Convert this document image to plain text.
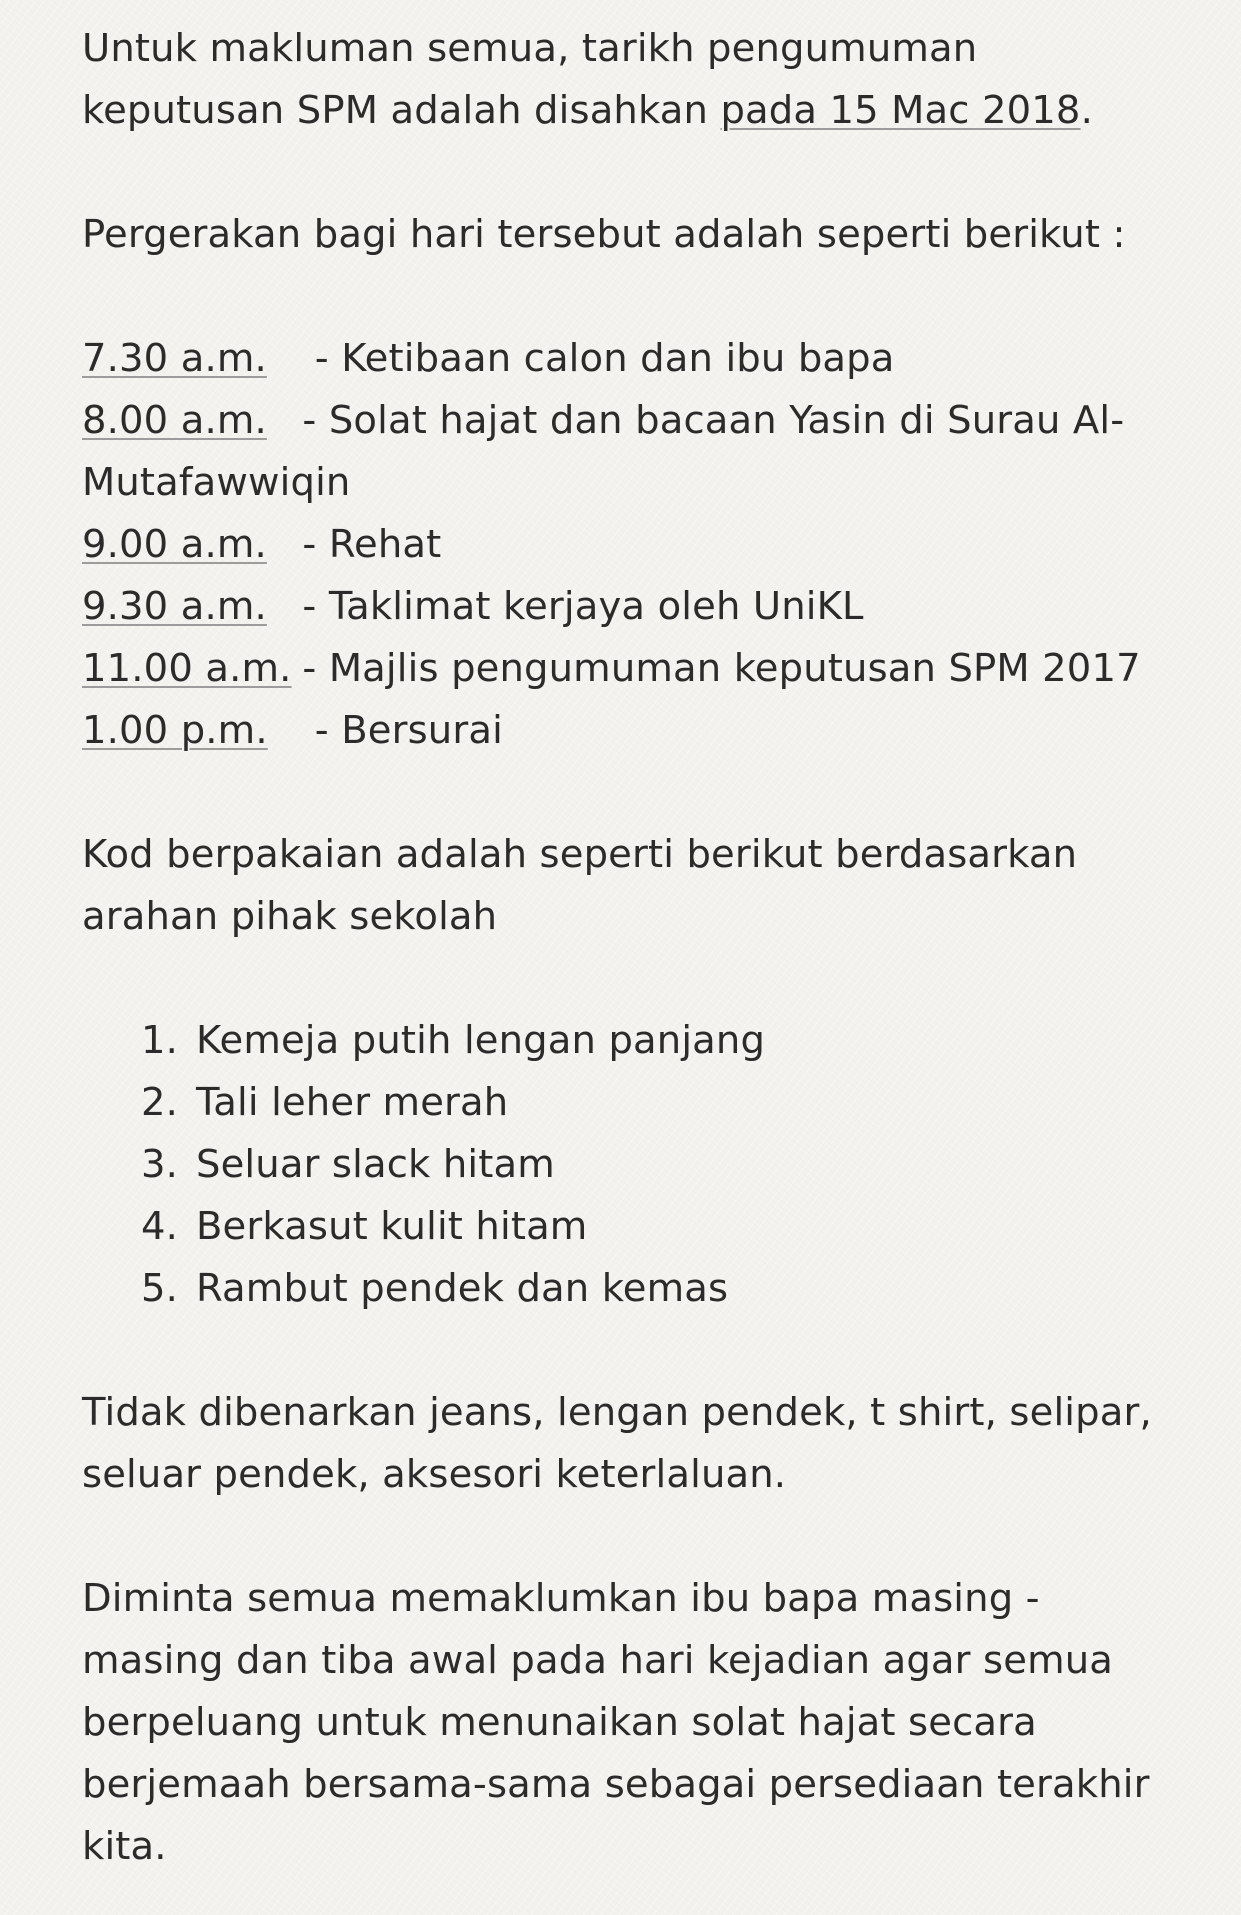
Untuk makluman semua, tarikh pengumuman keputusan SPM adalah disahkan pada 15 Mac 2018.

Pergerakan bagi hari tersebut adalah seperti berikut :

7.30 a.m.  - Ketibaan calon dan ibu bapa

8.00 a.m. - Solat hajat dan bacaan Yasin di Surau Al-Mutafawwiqin

9.00 a.m. - Rehat

9.30 a.m. - Taklimat kerjaya oleh UniKL

11.00 a.m. - Majlis pengumuman keputusan SPM 2017

1.00 p.m.  - Bersurai

Kod berpakaian adalah seperti berikut berdasarkan arahan pihak sekolah

1. Kemeja putih lengan panjang
2. Tali leher merah
3. Seluar slack hitam
4. Berkasut kulit hitam
5. Rambut pendek dan kemas

Tidak dibenarkan jeans, lengan pendek, t shirt, selipar, seluar pendek, aksesori keterlaluan.

Diminta semua memaklumkan ibu bapa masing - masing dan tiba awal pada hari kejadian agar semua berpeluang untuk menunaikan solat hajat secara berjemaah bersama-sama sebagai persediaan terakhir kita.
